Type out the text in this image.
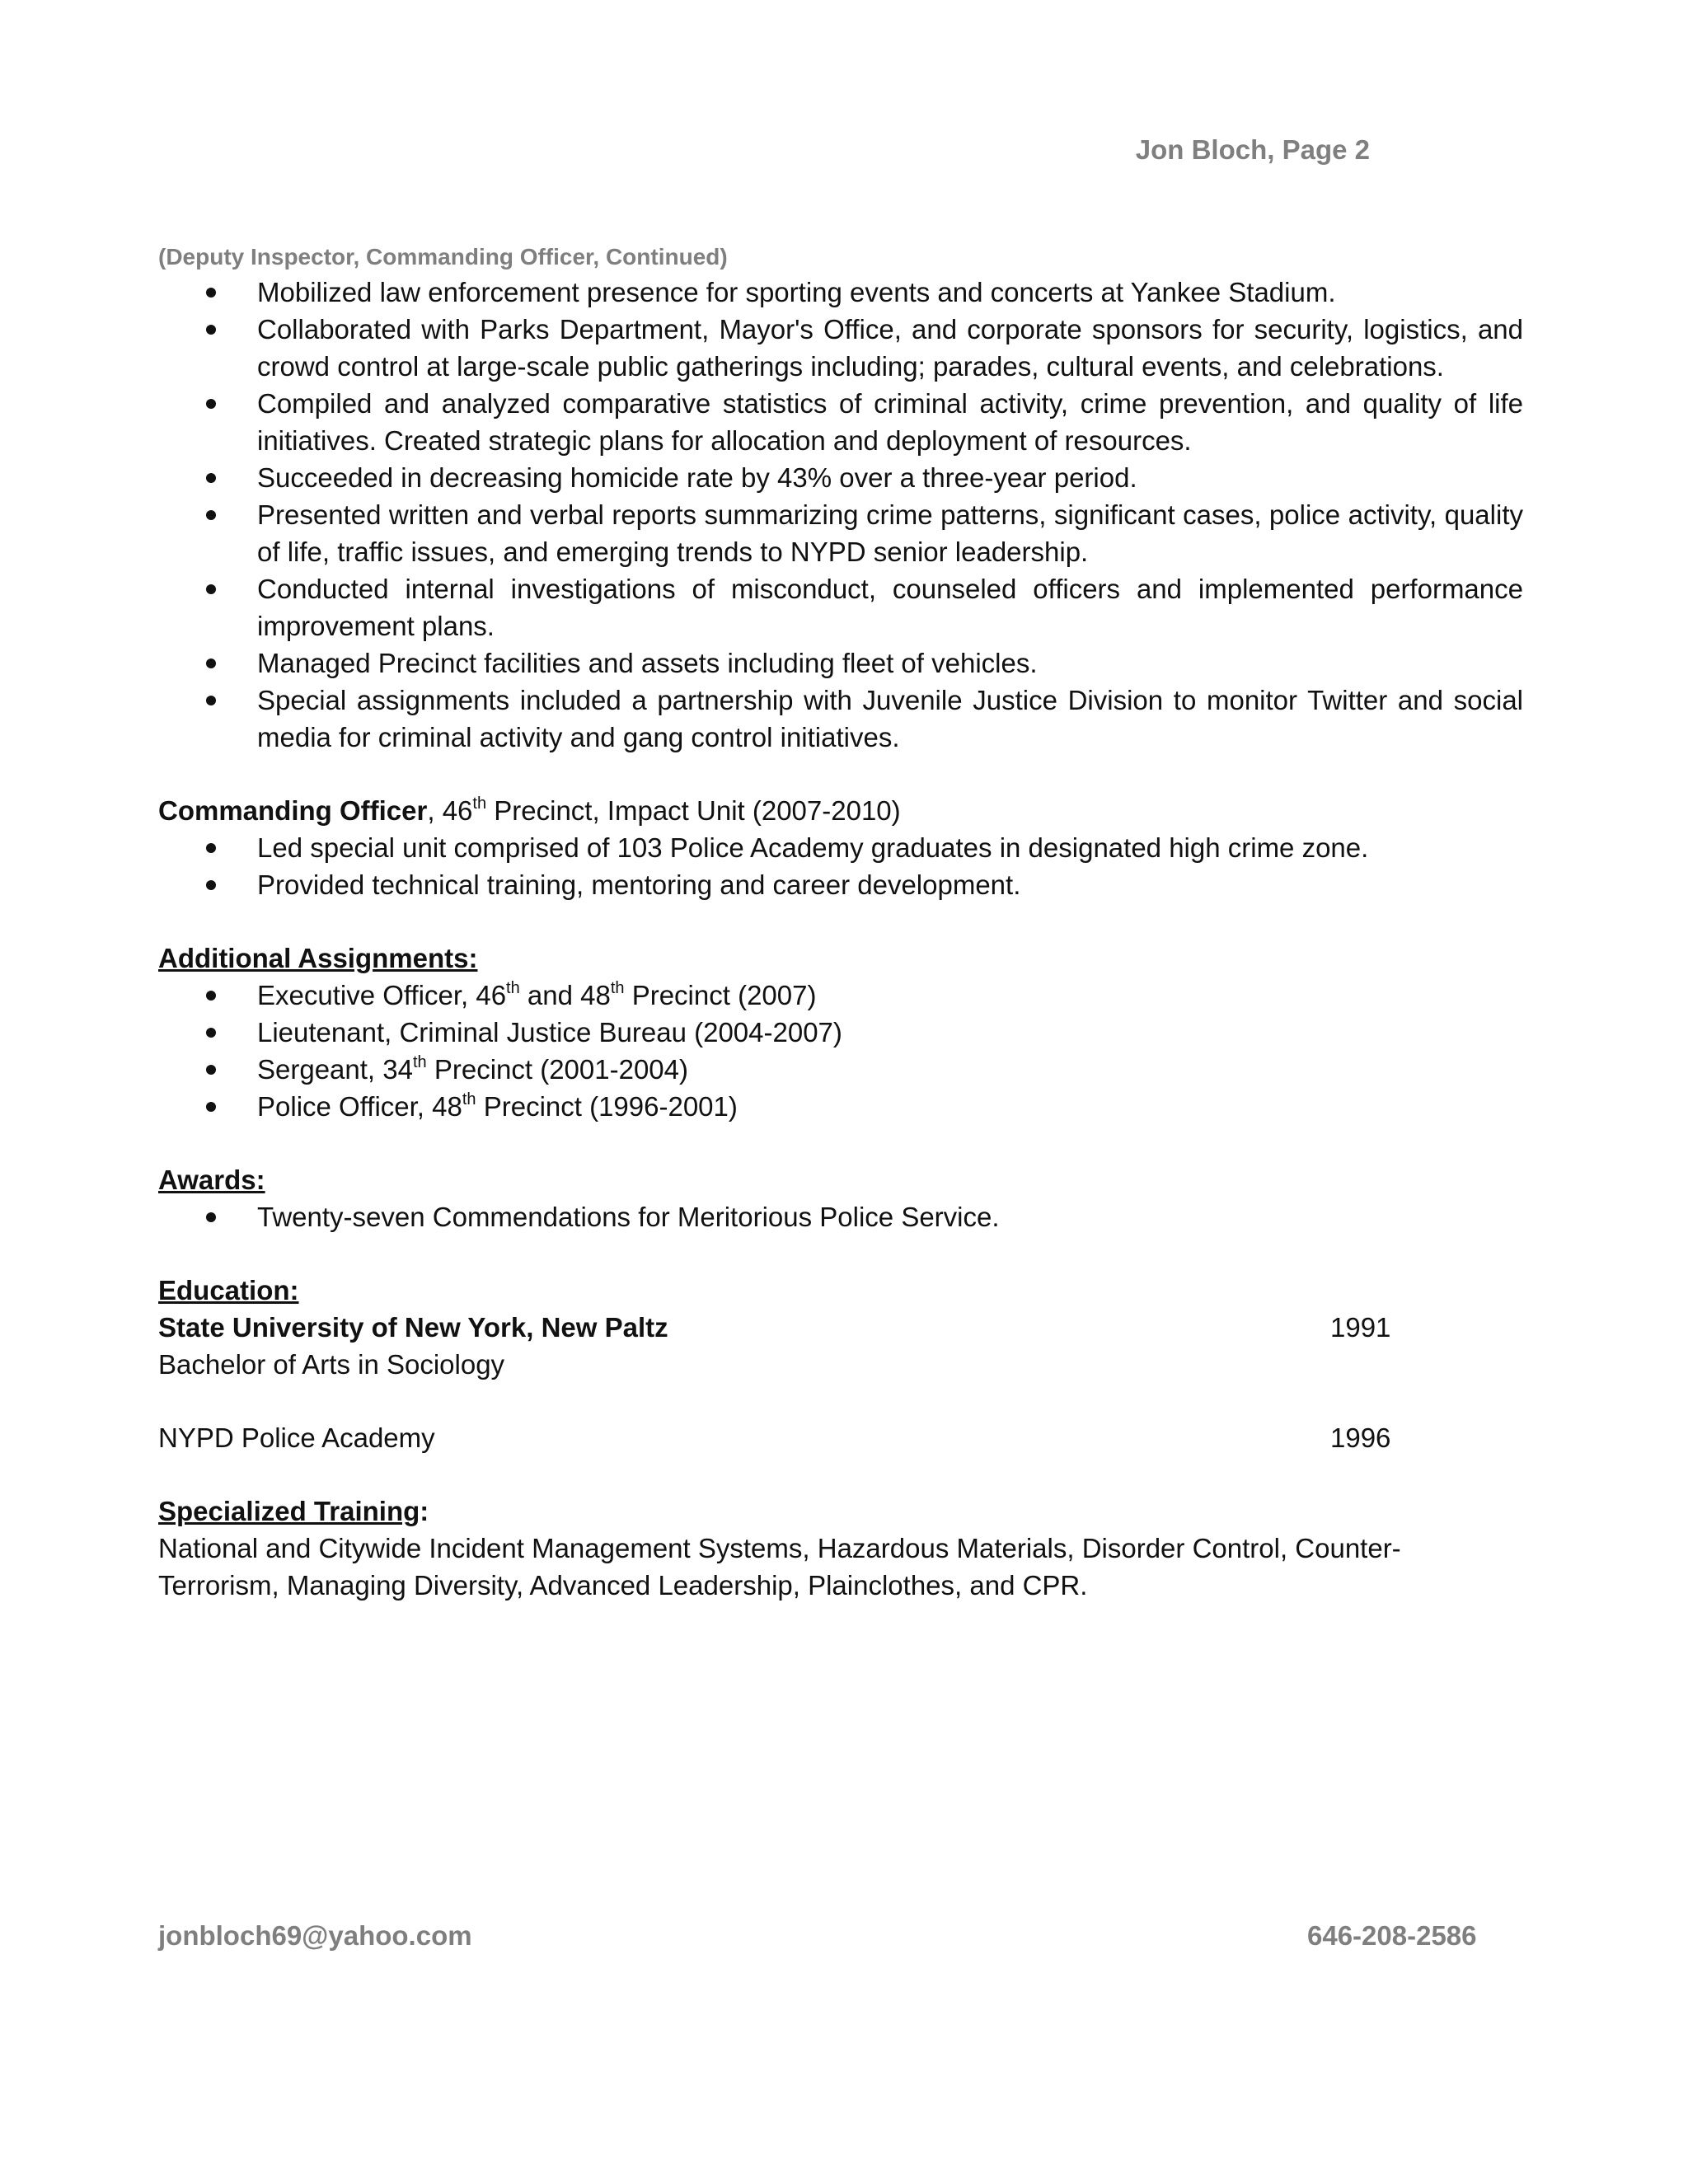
Jon Bloch, Page 2
(Deputy Inspector, Commanding Officer, Continued)
Mobilized law enforcement presence for sporting events and concerts at Yankee Stadium.
Collaborated with Parks Department, Mayor's Office, and corporate sponsors for security, logistics, and crowd control at large-scale public gatherings including; parades, cultural events, and celebrations.
Compiled and analyzed comparative statistics of criminal activity, crime prevention, and quality of life initiatives. Created strategic plans for allocation and deployment of resources.
Succeeded in decreasing homicide rate by 43% over a three-year period.
Presented written and verbal reports summarizing crime patterns, significant cases, police activity, quality of life, traffic issues, and emerging trends to NYPD senior leadership.
Conducted internal investigations of misconduct, counseled officers and implemented performance improvement plans.
Managed Precinct facilities and assets including fleet of vehicles.
Special assignments included a partnership with Juvenile Justice Division to monitor Twitter and social media for criminal activity and gang control initiatives.
Commanding Officer, 46th Precinct, Impact Unit (2007-2010)
Led special unit comprised of 103 Police Academy graduates in designated high crime zone.
Provided technical training, mentoring and career development.
Additional Assignments:
Executive Officer, 46th and 48th Precinct (2007)
Lieutenant, Criminal Justice Bureau (2004-2007)
Sergeant, 34th Precinct (2001-2004)
Police Officer, 48th Precinct (1996-2001)
Awards:
Twenty-seven Commendations for Meritorious Police Service.
Education:
State University of New York, New Paltz	1991
Bachelor of Arts in Sociology
NYPD Police Academy	1996
Specialized Training:
National and Citywide Incident Management Systems, Hazardous Materials, Disorder Control, Counter-Terrorism, Managing Diversity, Advanced Leadership, Plainclothes, and CPR.
jonbloch69@yahoo.com	646-208-2586
